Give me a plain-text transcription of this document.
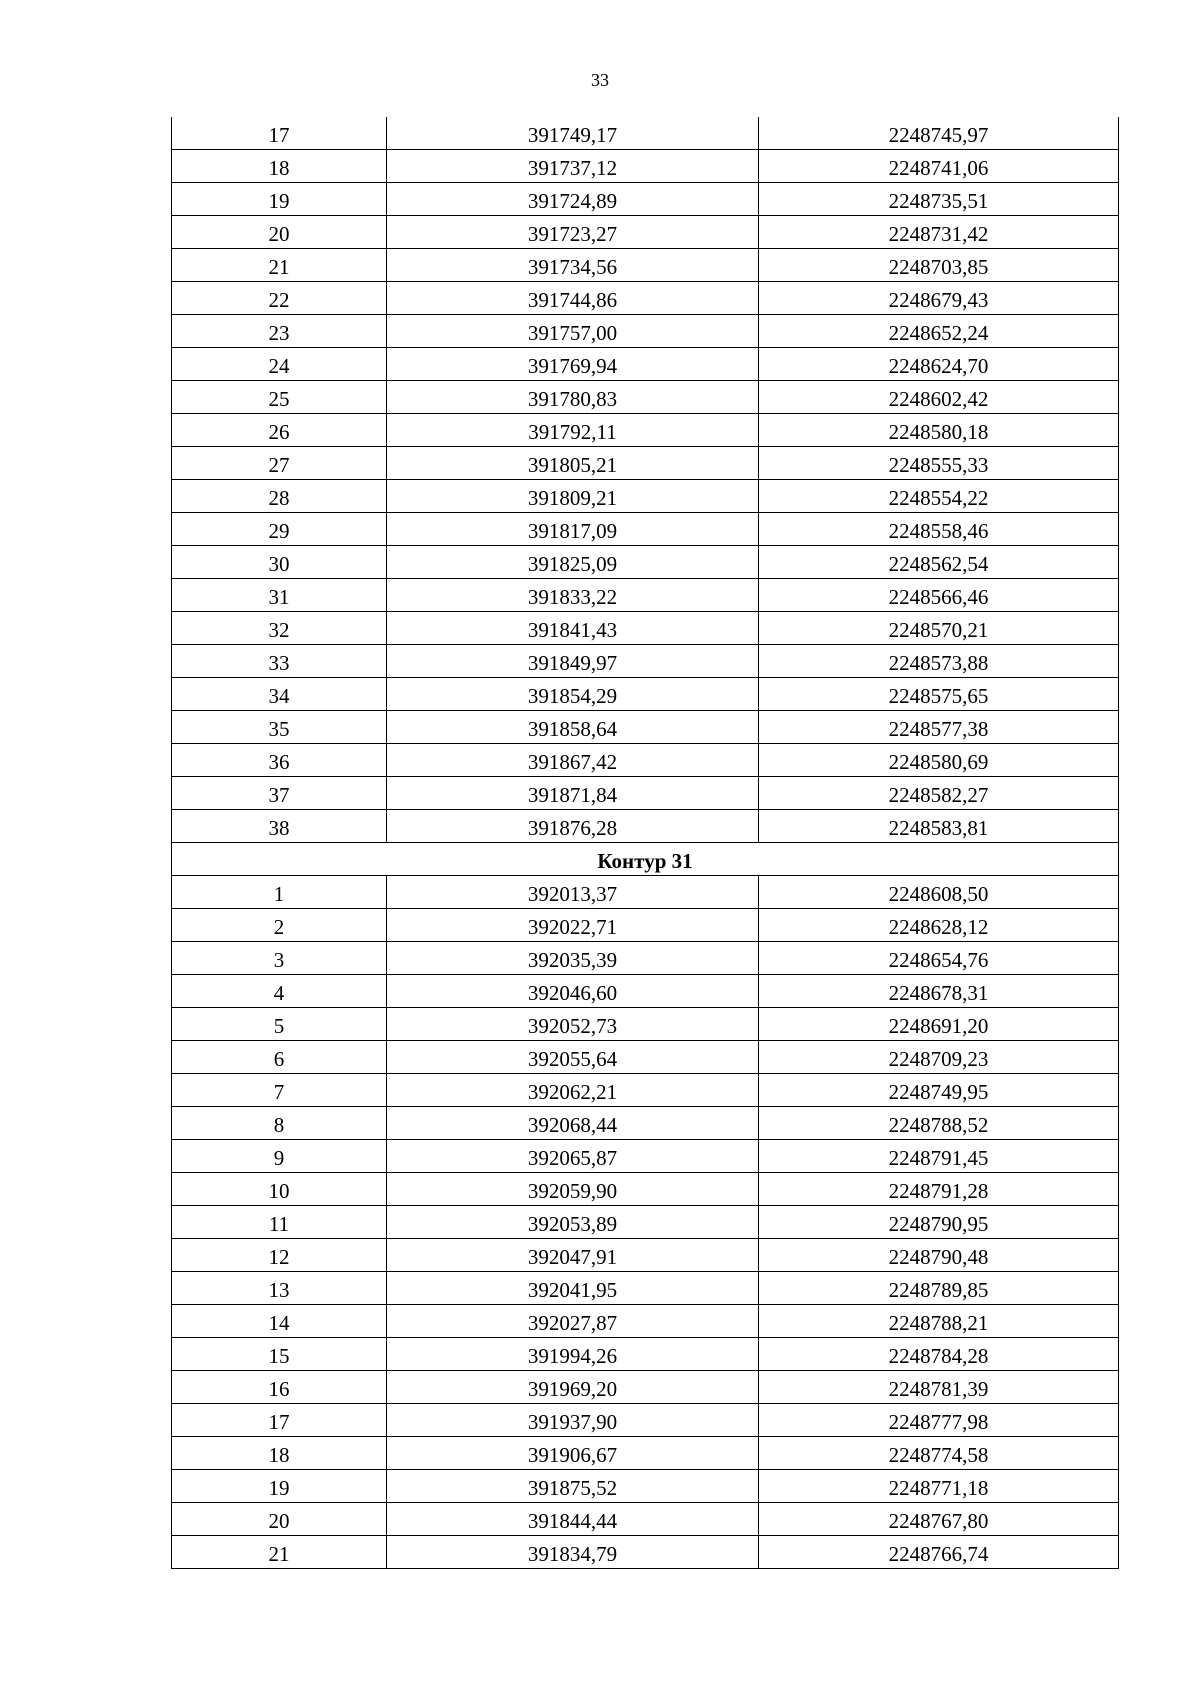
33
17	391749,17	2248745,97
18	391737,12	2248741,06
19	391724,89	2248735,51
20	391723,27	2248731,42
21	391734,56	2248703,85
22	391744,86	2248679,43
23	391757,00	2248652,24
24	391769,94	2248624,70
25	391780,83	2248602,42
26	391792,11	2248580,18
27	391805,21	2248555,33
28	391809,21	2248554,22
29	391817,09	2248558,46
30	391825,09	2248562,54
31	391833,22	2248566,46
32	391841,43	2248570,21
33	391849,97	2248573,88
34	391854,29	2248575,65
35	391858,64	2248577,38
36	391867,42	2248580,69
37	391871,84	2248582,27
38	391876,28	2248583,81
Контур 31		
1	392013,37	2248608,50
2	392022,71	2248628,12
3	392035,39	2248654,76
4	392046,60	2248678,31
5	392052,73	2248691,20
6	392055,64	2248709,23
7	392062,21	2248749,95
8	392068,44	2248788,52
9	392065,87	2248791,45
10	392059,90	2248791,28
11	392053,89	2248790,95
12	392047,91	2248790,48
13	392041,95	2248789,85
14	392027,87	2248788,21
15	391994,26	2248784,28
16	391969,20	2248781,39
17	391937,90	2248777,98
18	391906,67	2248774,58
19	391875,52	2248771,18
20	391844,44	2248767,80
21	391834,79	2248766,74
